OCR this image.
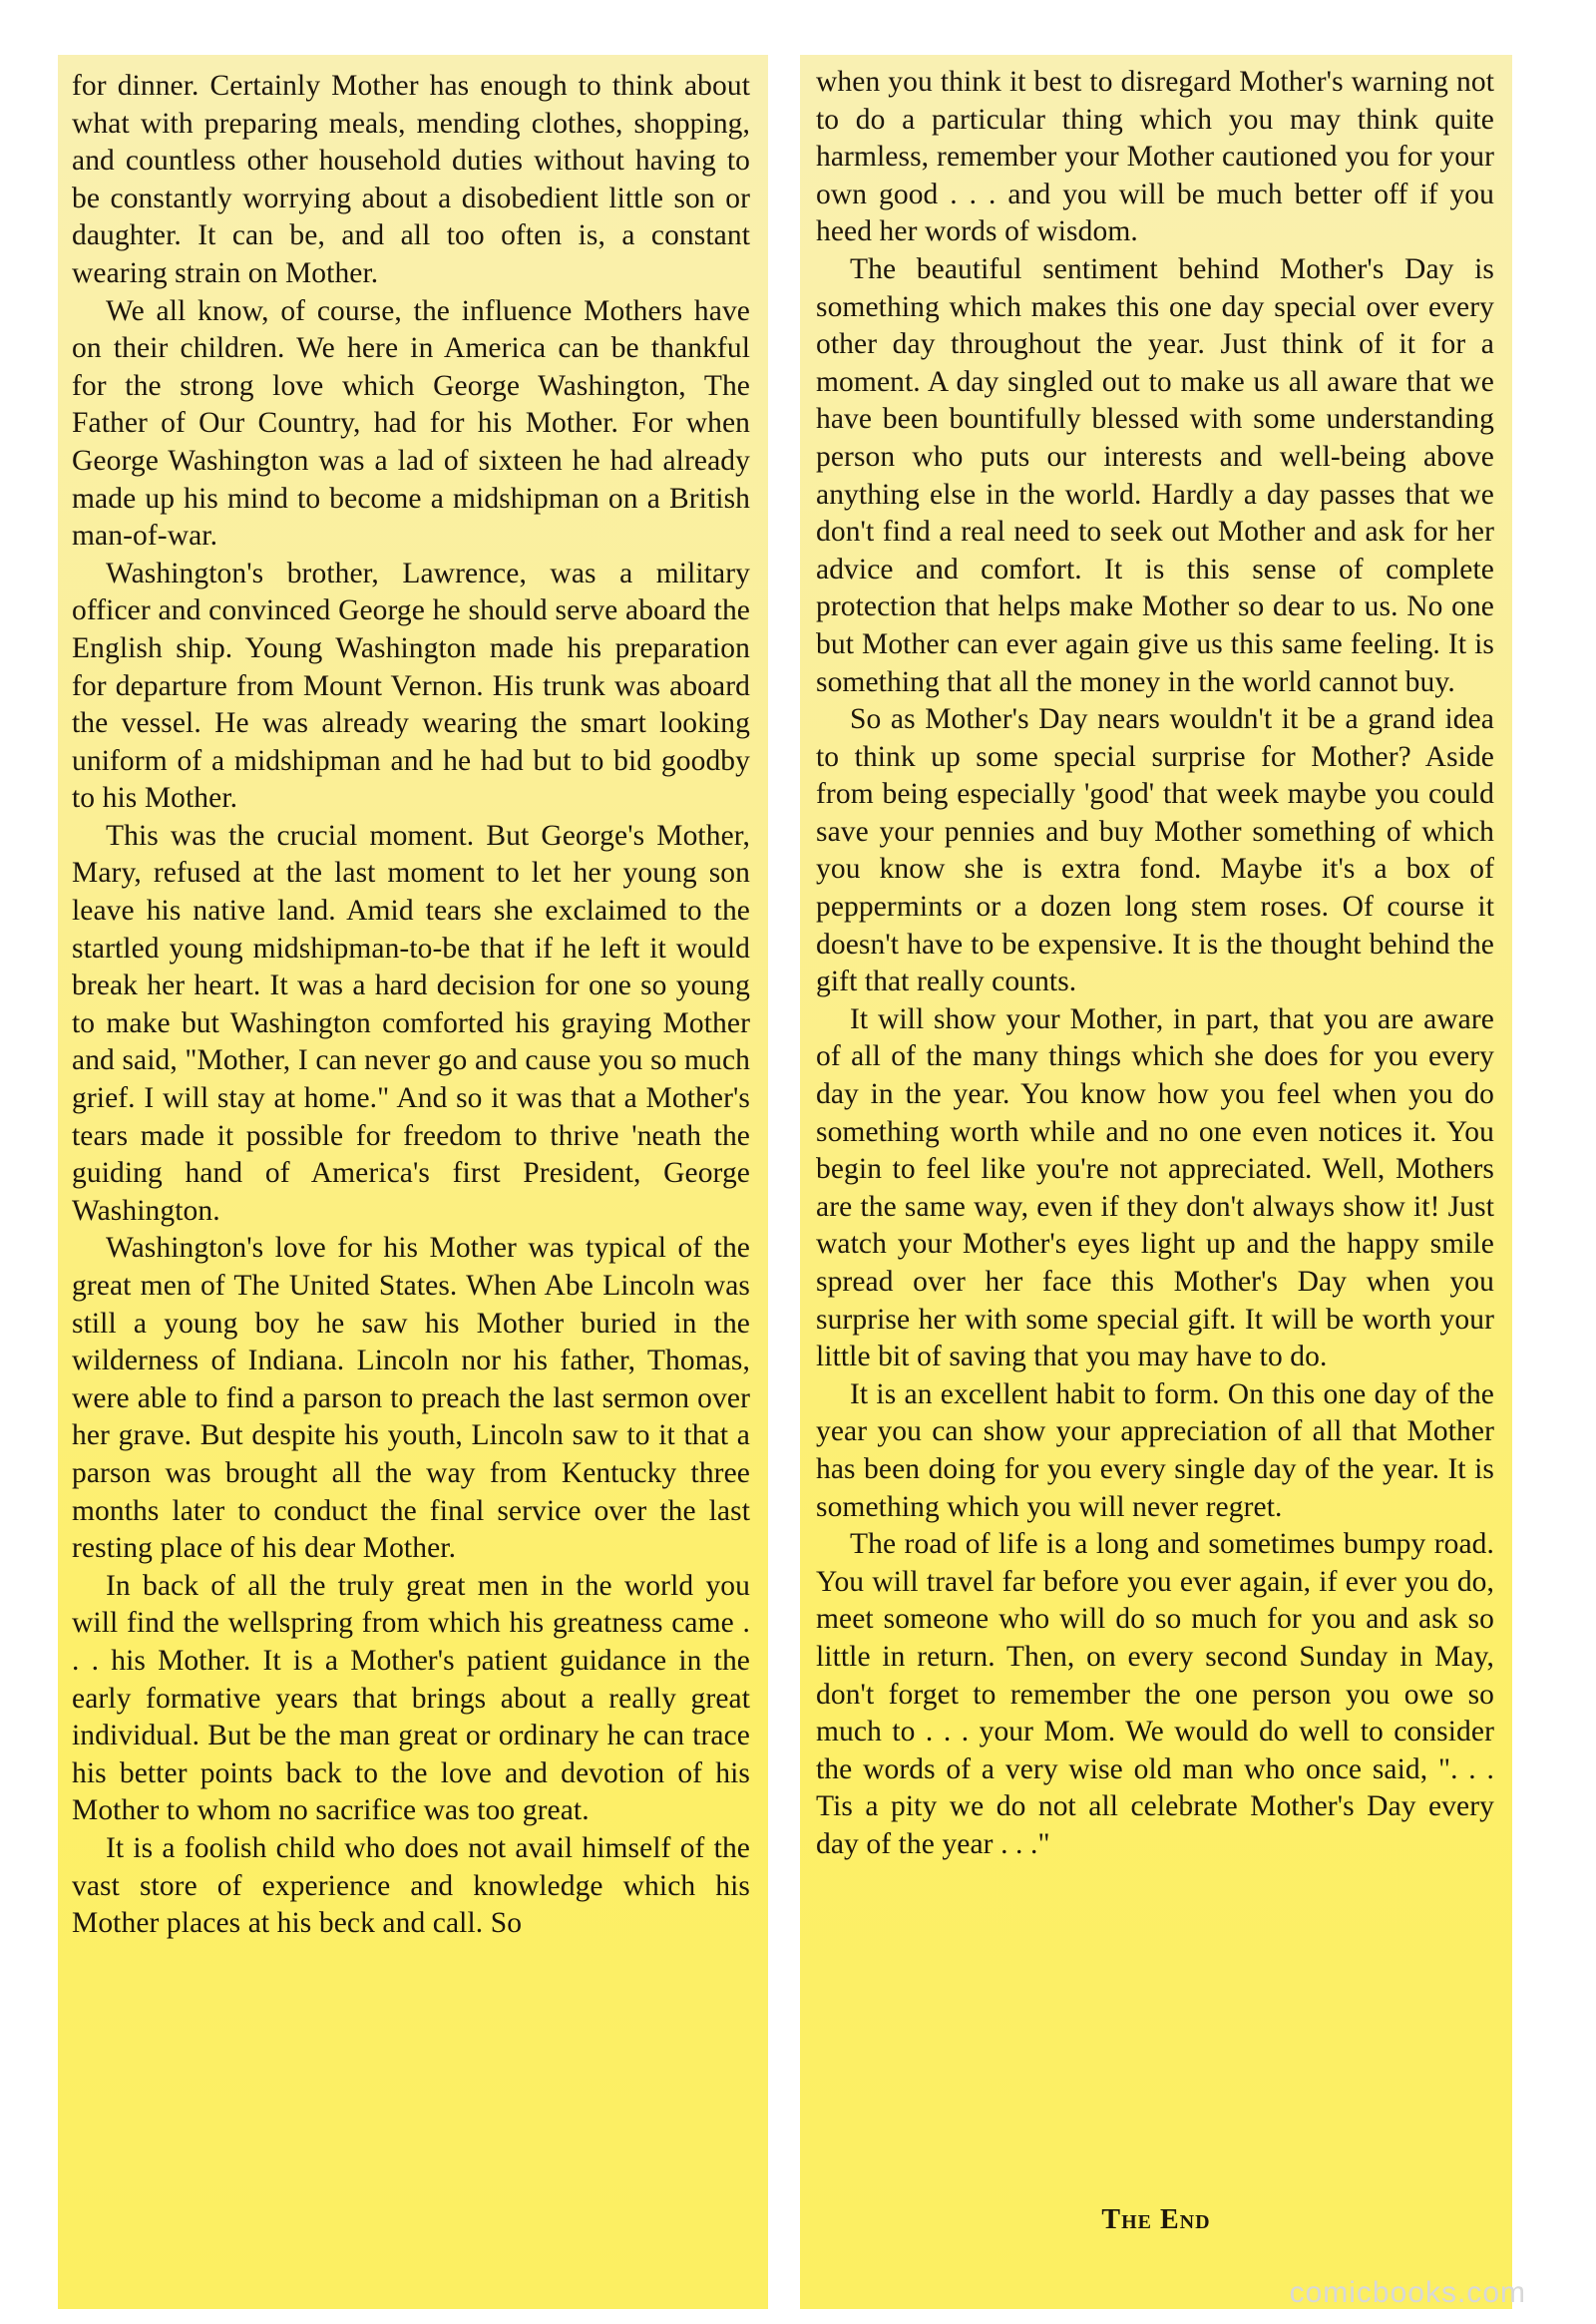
for dinner. Certainly Mother has enough to think about what with preparing meals, mending clothes, shopping, and countless other household duties without having to be constantly worrying about a disobedient little son or daughter. It can be, and all too often is, a constant wearing strain on Mother.

We all know, of course, the influence Mothers have on their children. We here in America can be thankful for the strong love which George Washington, The Father of Our Country, had for his Mother. For when George Washington was a lad of sixteen he had already made up his mind to become a midshipman on a British man-of-war.

Washington's brother, Lawrence, was a military officer and convinced George he should serve aboard the English ship. Young Washington made his preparation for departure from Mount Vernon. His trunk was aboard the vessel. He was already wearing the smart looking uniform of a midshipman and he had but to bid goodby to his Mother.

This was the crucial moment. But George's Mother, Mary, refused at the last moment to let her young son leave his native land. Amid tears she exclaimed to the startled young midshipman-to-be that if he left it would break her heart. It was a hard decision for one so young to make but Washington comforted his graying Mother and said, "Mother, I can never go and cause you so much grief. I will stay at home." And so it was that a Mother's tears made it possible for freedom to thrive 'neath the guiding hand of America's first President, George Washington.

Washington's love for his Mother was typical of the great men of The United States. When Abe Lincoln was still a young boy he saw his Mother buried in the wilderness of Indiana. Lincoln nor his father, Thomas, were able to find a parson to preach the last sermon over her grave. But despite his youth, Lincoln saw to it that a parson was brought all the way from Kentucky three months later to conduct the final service over the last resting place of his dear Mother.

In back of all the truly great men in the world you will find the wellspring from which his greatness came . . . his Mother. It is a Mother's patient guidance in the early formative years that brings about a really great individual. But be the man great or ordinary he can trace his better points back to the love and devotion of his Mother to whom no sacrifice was too great.

It is a foolish child who does not avail himself of the vast store of experience and knowledge which his Mother places at his beck and call. So

when you think it best to disregard Mother's warning not to do a particular thing which you may think quite harmless, remember your Mother cautioned you for your own good . . . and you will be much better off if you heed her words of wisdom.

The beautiful sentiment behind Mother's Day is something which makes this one day special over every other day throughout the year. Just think of it for a moment. A day singled out to make us all aware that we have been bountifully blessed with some understanding person who puts our interests and well-being above anything else in the world. Hardly a day passes that we don't find a real need to seek out Mother and ask for her advice and comfort. It is this sense of complete protection that helps make Mother so dear to us. No one but Mother can ever again give us this same feeling. It is something that all the money in the world cannot buy.

So as Mother's Day nears wouldn't it be a grand idea to think up some special surprise for Mother? Aside from being especially 'good' that week maybe you could save your pennies and buy Mother something of which you know she is extra fond. Maybe it's a box of peppermints or a dozen long stem roses. Of course it doesn't have to be expensive. It is the thought behind the gift that really counts.

It will show your Mother, in part, that you are aware of all of the many things which she does for you every day in the year. You know how you feel when you do something worth while and no one even notices it. You begin to feel like you're not appreciated. Well, Mothers are the same way, even if they don't always show it! Just watch your Mother's eyes light up and the happy smile spread over her face this Mother's Day when you surprise her with some special gift. It will be worth your little bit of saving that you may have to do.

It is an excellent habit to form. On this one day of the year you can show your appreciation of all that Mother has been doing for you every single day of the year. It is something which you will never regret.

The road of life is a long and sometimes bumpy road. You will travel far before you ever again, if ever you do, meet someone who will do so much for you and ask so little in return. Then, on every second Sunday in May, don't forget to remember the one person you owe so much to . . . your Mom. We would do well to consider the words of a very wise old man who once said, ". . . Tis a pity we do not all celebrate Mother's Day every day of the year . . ."

The End
comicbooks.com
